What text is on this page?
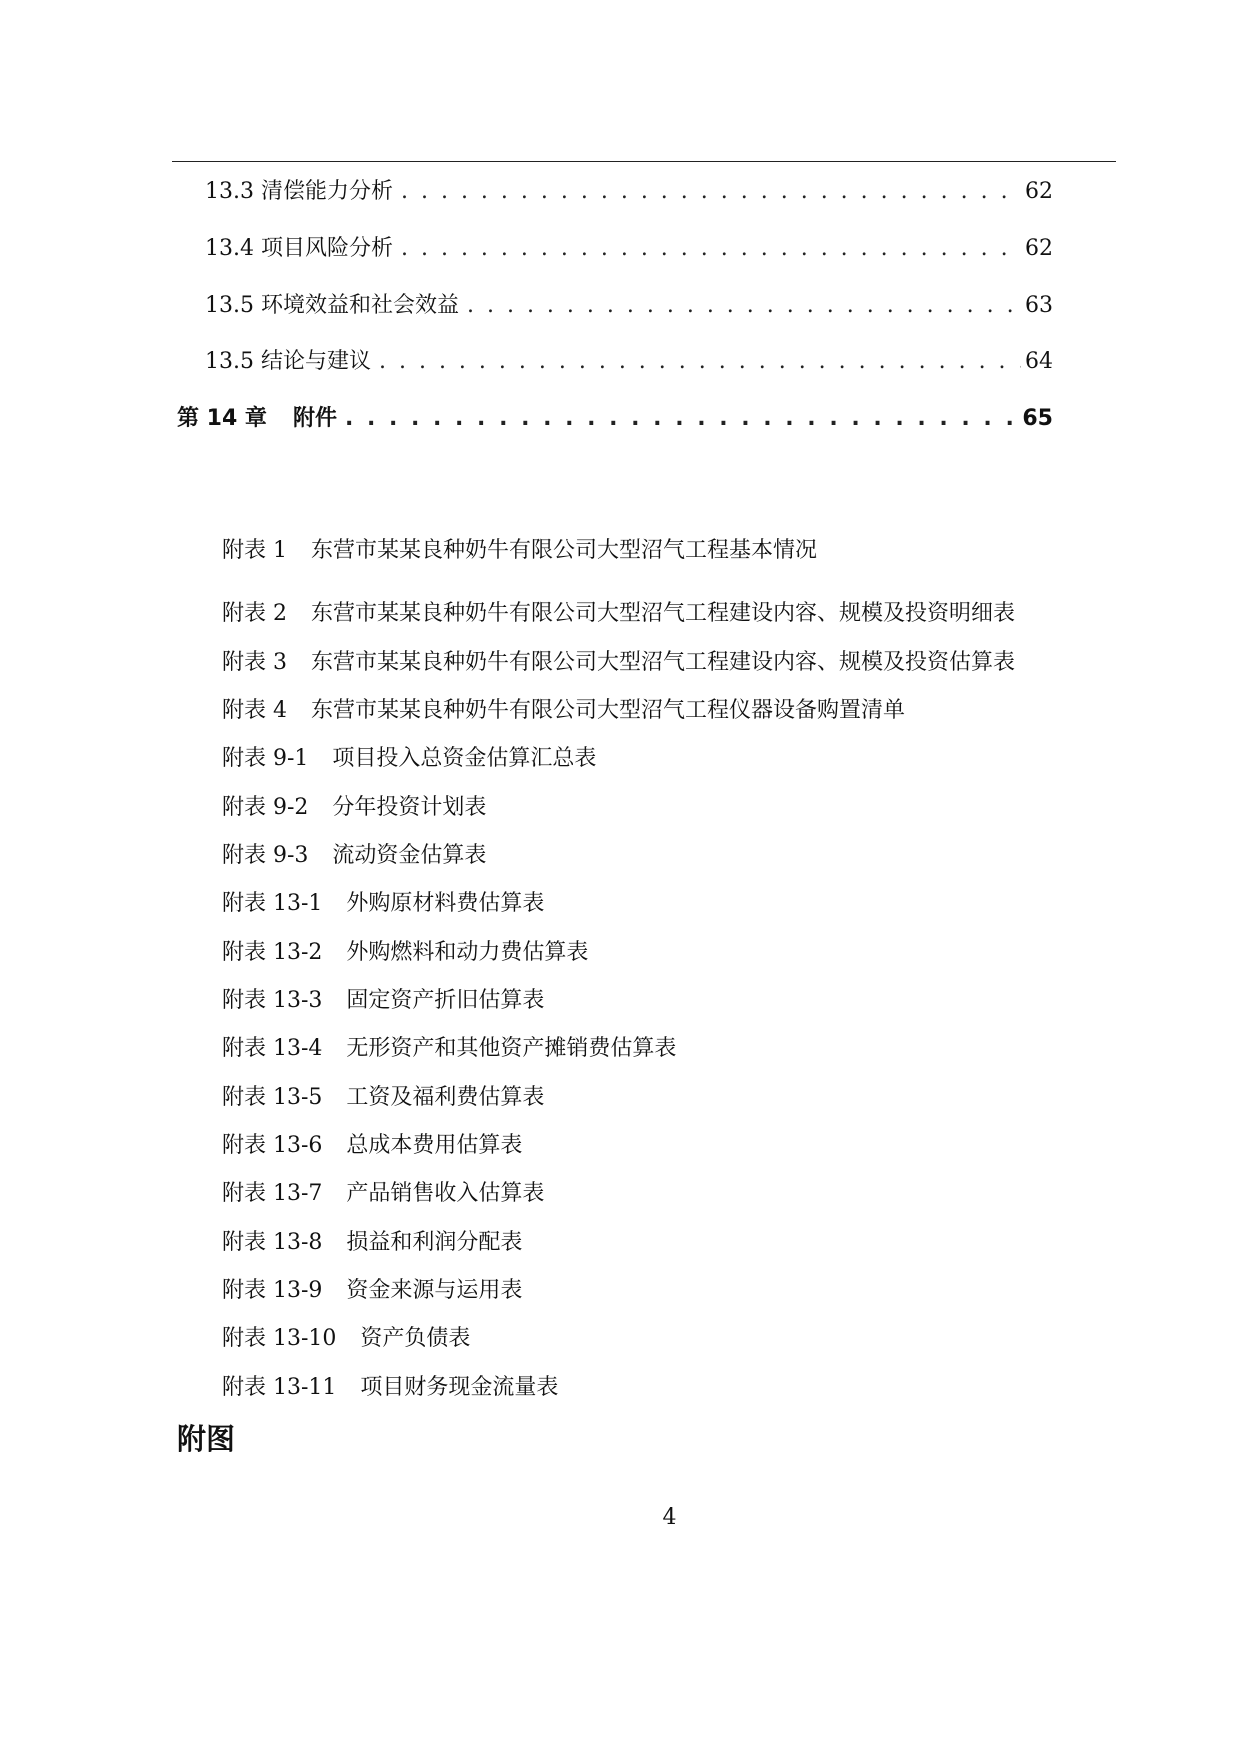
13.3 清偿能力分析 . . .	62
13.4 项目风险分析 . . .	62
13.5 环境效益和社会效益 . . .	63
13.5 结论与建议 . . .	64
第 14 章 附件 . . .	65
附表 1 东营市某某良种奶牛有限公司大型沼气工程基本情况
附表 2 东营市某某良种奶牛有限公司大型沼气工程建设内容、规模及投资明细表
附表 3 东营市某某良种奶牛有限公司大型沼气工程建设内容、规模及投资估算表
附表 4 东营市某某良种奶牛有限公司大型沼气工程仪器设备购置清单
附表 9-1 项目投入总资金估算汇总表
附表 9-2 分年投资计划表
附表 9-3 流动资金估算表
附表 13-1 外购原材料费估算表
附表 13-2 外购燃料和动力费估算表
附表 13-3 固定资产折旧估算表
附表 13-4 无形资产和其他资产摊销费估算表
附表 13-5 工资及福利费估算表
附表 13-6 总成本费用估算表
附表 13-7 产品销售收入估算表
附表 13-8 损益和利润分配表
附表 13-9 资金来源与运用表
附表 13-10 资产负债表
附表 13-11 项目财务现金流量表
附图
4
